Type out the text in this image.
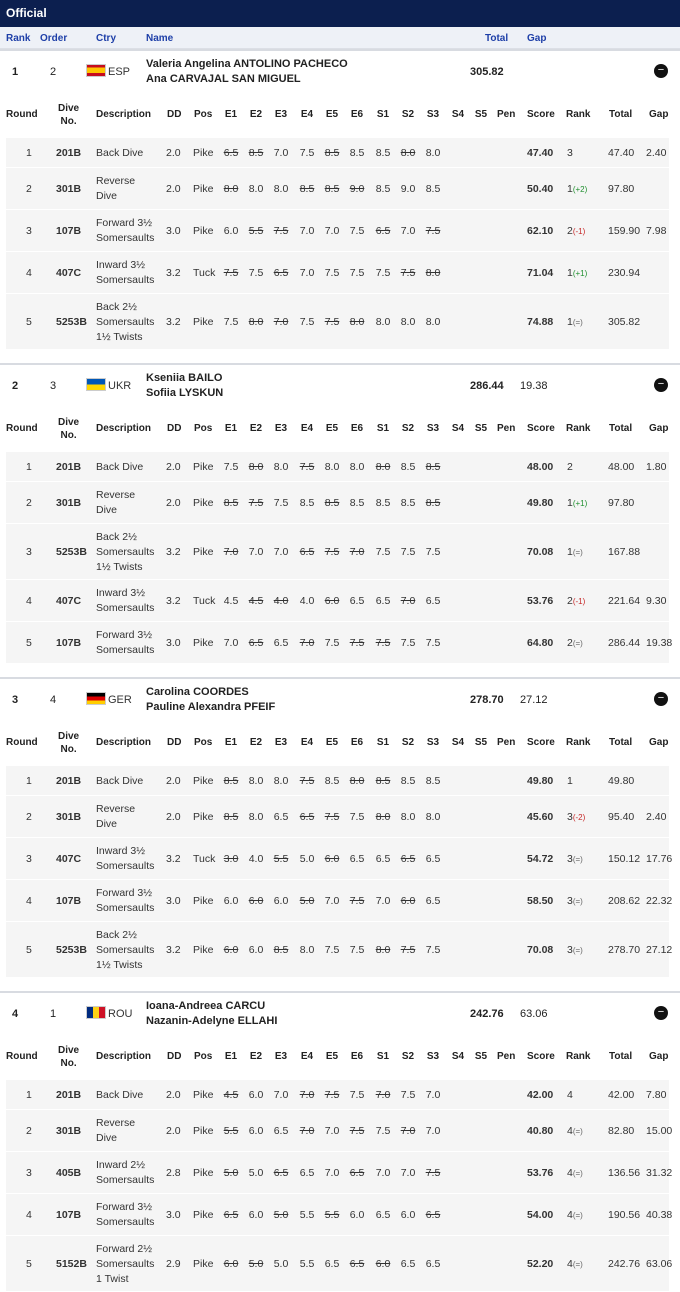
Official
Rank Order	Ctry	Name	Total Gap
1	2	ESP
Valeria Angelina ANTOLINO PACHECO
Ana CARVAJAL SAN MIGUEL
305.82	−
Round
Dive
No.
Description DD Pos	E1	E2	E3	E4	E5	E6	S1	S2	S3	S4	S5 Pen Score Rank Total Gap
1 201B Back Dive 2.0 Pike 6.5 8.5 7.0 7.5 8.5 8.5 8.5 8.0 8.0	47.40 3	47.40 2.40
2 301B
Reverse
Dive
2.0 Pike 8.0 8.0 8.0 8.5 8.5 9.0 8.5 9.0 8.5	50.40 1(+2) 97.80
3 107B
Forward 3½
Somersaults
3.0 Pike 6.0 5.5 7.5 7.0 7.0 7.5 6.5 7.0 7.5	62.10 2(-1) 159.90 7.98
4 407C
Inward 3½
Somersaults
3.2 Tuck 7.5 7.5 6.5 7.0 7.5 7.5 7.5 7.5 8.0	71.04 1(+1) 230.94
5 5253B
Back 2½
Somersaults
1½ Twists
3.2 Pike 7.5 8.0 7.0 7.5 7.5 8.0 8.0 8.0 8.0	74.88 1(=) 305.82
2	3	UKR
Kseniia BAILO
Sofiia LYSKUN
286.44 19.38	−
Round
Dive
No.
Description DD Pos	E1	E2	E3	E4	E5	E6	S1	S2	S3	S4	S5 Pen Score Rank Total Gap
1 201B Back Dive 2.0 Pike 7.5 8.0 8.0 7.5 8.0 8.0 8.0 8.5 8.5	48.00 2	48.00 1.80
2 301B
Reverse
Dive
2.0 Pike 8.5 7.5 7.5 8.5 8.5 8.5 8.5 8.5 8.5	49.80 1(+1) 97.80
3 5253B
Back 2½
Somersaults
1½ Twists
3.2 Pike 7.0 7.0 7.0 6.5 7.5 7.0 7.5 7.5 7.5	70.08 1(=) 167.88
4 407C
Inward 3½
Somersaults
3.2 Tuck 4.5 4.5 4.0 4.0 6.0 6.5 6.5 7.0 6.5	53.76 2(-1) 221.64 9.30
5 107B
Forward 3½
Somersaults
3.0 Pike 7.0 6.5 6.5 7.0 7.5 7.5 7.5 7.5 7.5	64.80 2(=) 286.44 19.38
3	4	GER
Carolina COORDES
Pauline Alexandra PFEIF
278.70 27.12	−
Round
Dive
No.
Description DD Pos	E1	E2	E3	E4	E5	E6	S1	S2	S3	S4	S5 Pen Score Rank Total Gap
1 201B Back Dive 2.0 Pike 8.5 8.0 8.0 7.5 8.5 8.0 8.5 8.5 8.5	49.80 1	49.80
2 301B
Reverse
Dive
2.0 Pike 8.5 8.0 6.5 6.5 7.5 7.5 8.0 8.0 8.0	45.60 3(-2) 95.40 2.40
3 407C
Inward 3½
Somersaults
3.2 Tuck 3.0 4.0 5.5 5.0 6.0 6.5 6.5 6.5 6.5	54.72 3(=) 150.12 17.76
4 107B
Forward 3½
Somersaults
3.0 Pike 6.0 6.0 6.0 5.0 7.0 7.5 7.0 6.0 6.5	58.50 3(=) 208.62 22.32
5 5253B
Back 2½
Somersaults
1½ Twists
3.2 Pike 6.0 6.0 8.5 8.0 7.5 7.5 8.0 7.5 7.5	70.08 3(=) 278.70 27.12
4	1	ROU
Ioana-Andreea CARCU
Nazanin-Adelyne ELLAHI
242.76 63.06	−
Round
Dive
No.
Description DD Pos	E1	E2	E3	E4	E5	E6	S1	S2	S3	S4	S5 Pen Score Rank Total Gap
1 201B Back Dive 2.0 Pike 4.5 6.0 7.0 7.0 7.5 7.5 7.0 7.5 7.0	42.00 4	42.00 7.80
2 301B
Reverse
Dive
2.0 Pike 5.5 6.0 6.5 7.0 7.0 7.5 7.5 7.0 7.0	40.80 4(=) 82.80 15.00
3 405B
Inward 2½
Somersaults
2.8 Pike 5.0 5.0 6.5 6.5 7.0 6.5 7.0 7.0 7.5	53.76 4(=) 136.56 31.32
4 107B
Forward 3½
Somersaults
3.0 Pike 6.5 6.0 5.0 5.5 5.5 6.0 6.5 6.0 6.5	54.00 4(=) 190.56 40.38
5 5152B
Forward 2½
Somersaults
1 Twist
2.9 Pike 6.0 5.0 5.0 5.5 6.5 6.5 6.0 6.5 6.5	52.20 4(=) 242.76 63.06
